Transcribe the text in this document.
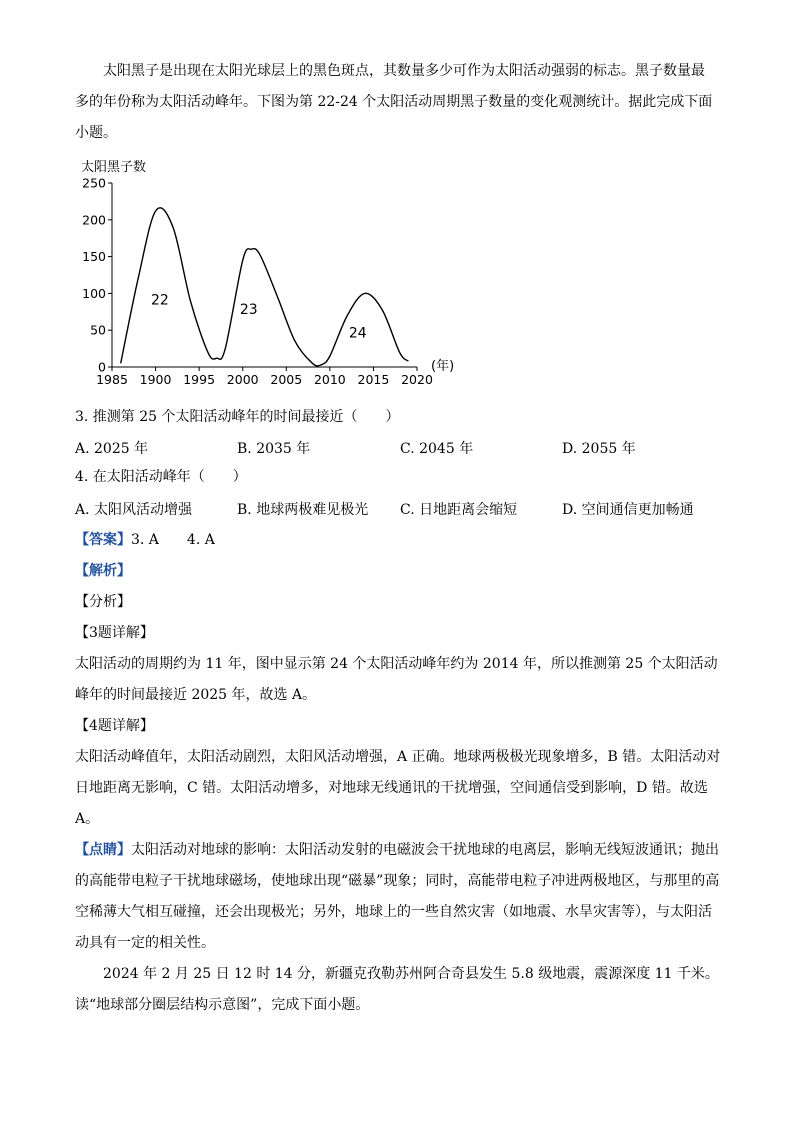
太阳黑子是出现在太阳光球层上的黑色斑点，其数量多少可作为太阳活动强弱的标志。黑子数量最

多的年份称为太阳活动峰年。下图为第 22-24 个太阳活动周期黑子数量的变化观测统计。据此完成下面

小题。

太阳黑子数
0
50
100
150
200
250
1985 1900 1995 2000 2005 2010 2015 2020
22
23
24
(年)

3. 推测第 25 个太阳活动峰年的时间最接近（　　）

A. 2025 年	B. 2035 年	C. 2045 年	D. 2055 年

4. 在太阳活动峰年（　　）

A. 太阳风活动增强	B. 地球两极难见极光 C. 日地距离会缩短	D. 空间通信更加畅通

【答案】3. A　　4. A

【解析】

【分析】

【3题详解】

太阳活动的周期约为 11 年，图中显示第 24 个太阳活动峰年约为 2014 年，所以推测第 25 个太阳活动峰年的时间最接近 2025 年，故选 A。

【4题详解】

太阳活动峰值年，太阳活动剧烈，太阳风活动增强，A 正确。地球两极极光现象增多，B 错。太阳活动对日地距离无影响，C 错。太阳活动增多，对地球无线通讯的干扰增强，空间通信受到影响，D 错。故选 A。

【点睛】太阳活动对地球的影响：太阳活动发射的电磁波会干扰地球的电离层，影响无线短波通讯；抛出的高能带电粒子干扰地球磁场，使地球出现“磁暴”现象；同时，高能带电粒子冲进两极地区，与那里的高空稀薄大气相互碰撞，还会出现极光；另外，地球上的一些自然灾害（如地震、水旱灾害等），与太阳活动具有一定的相关性。

2024 年 2 月 25 日 12 时 14 分，新疆克孜勒苏州阿合奇县发生 5.8 级地震，震源深度 11 千米。读“地球部分圈层结构示意图”，完成下面小题。
